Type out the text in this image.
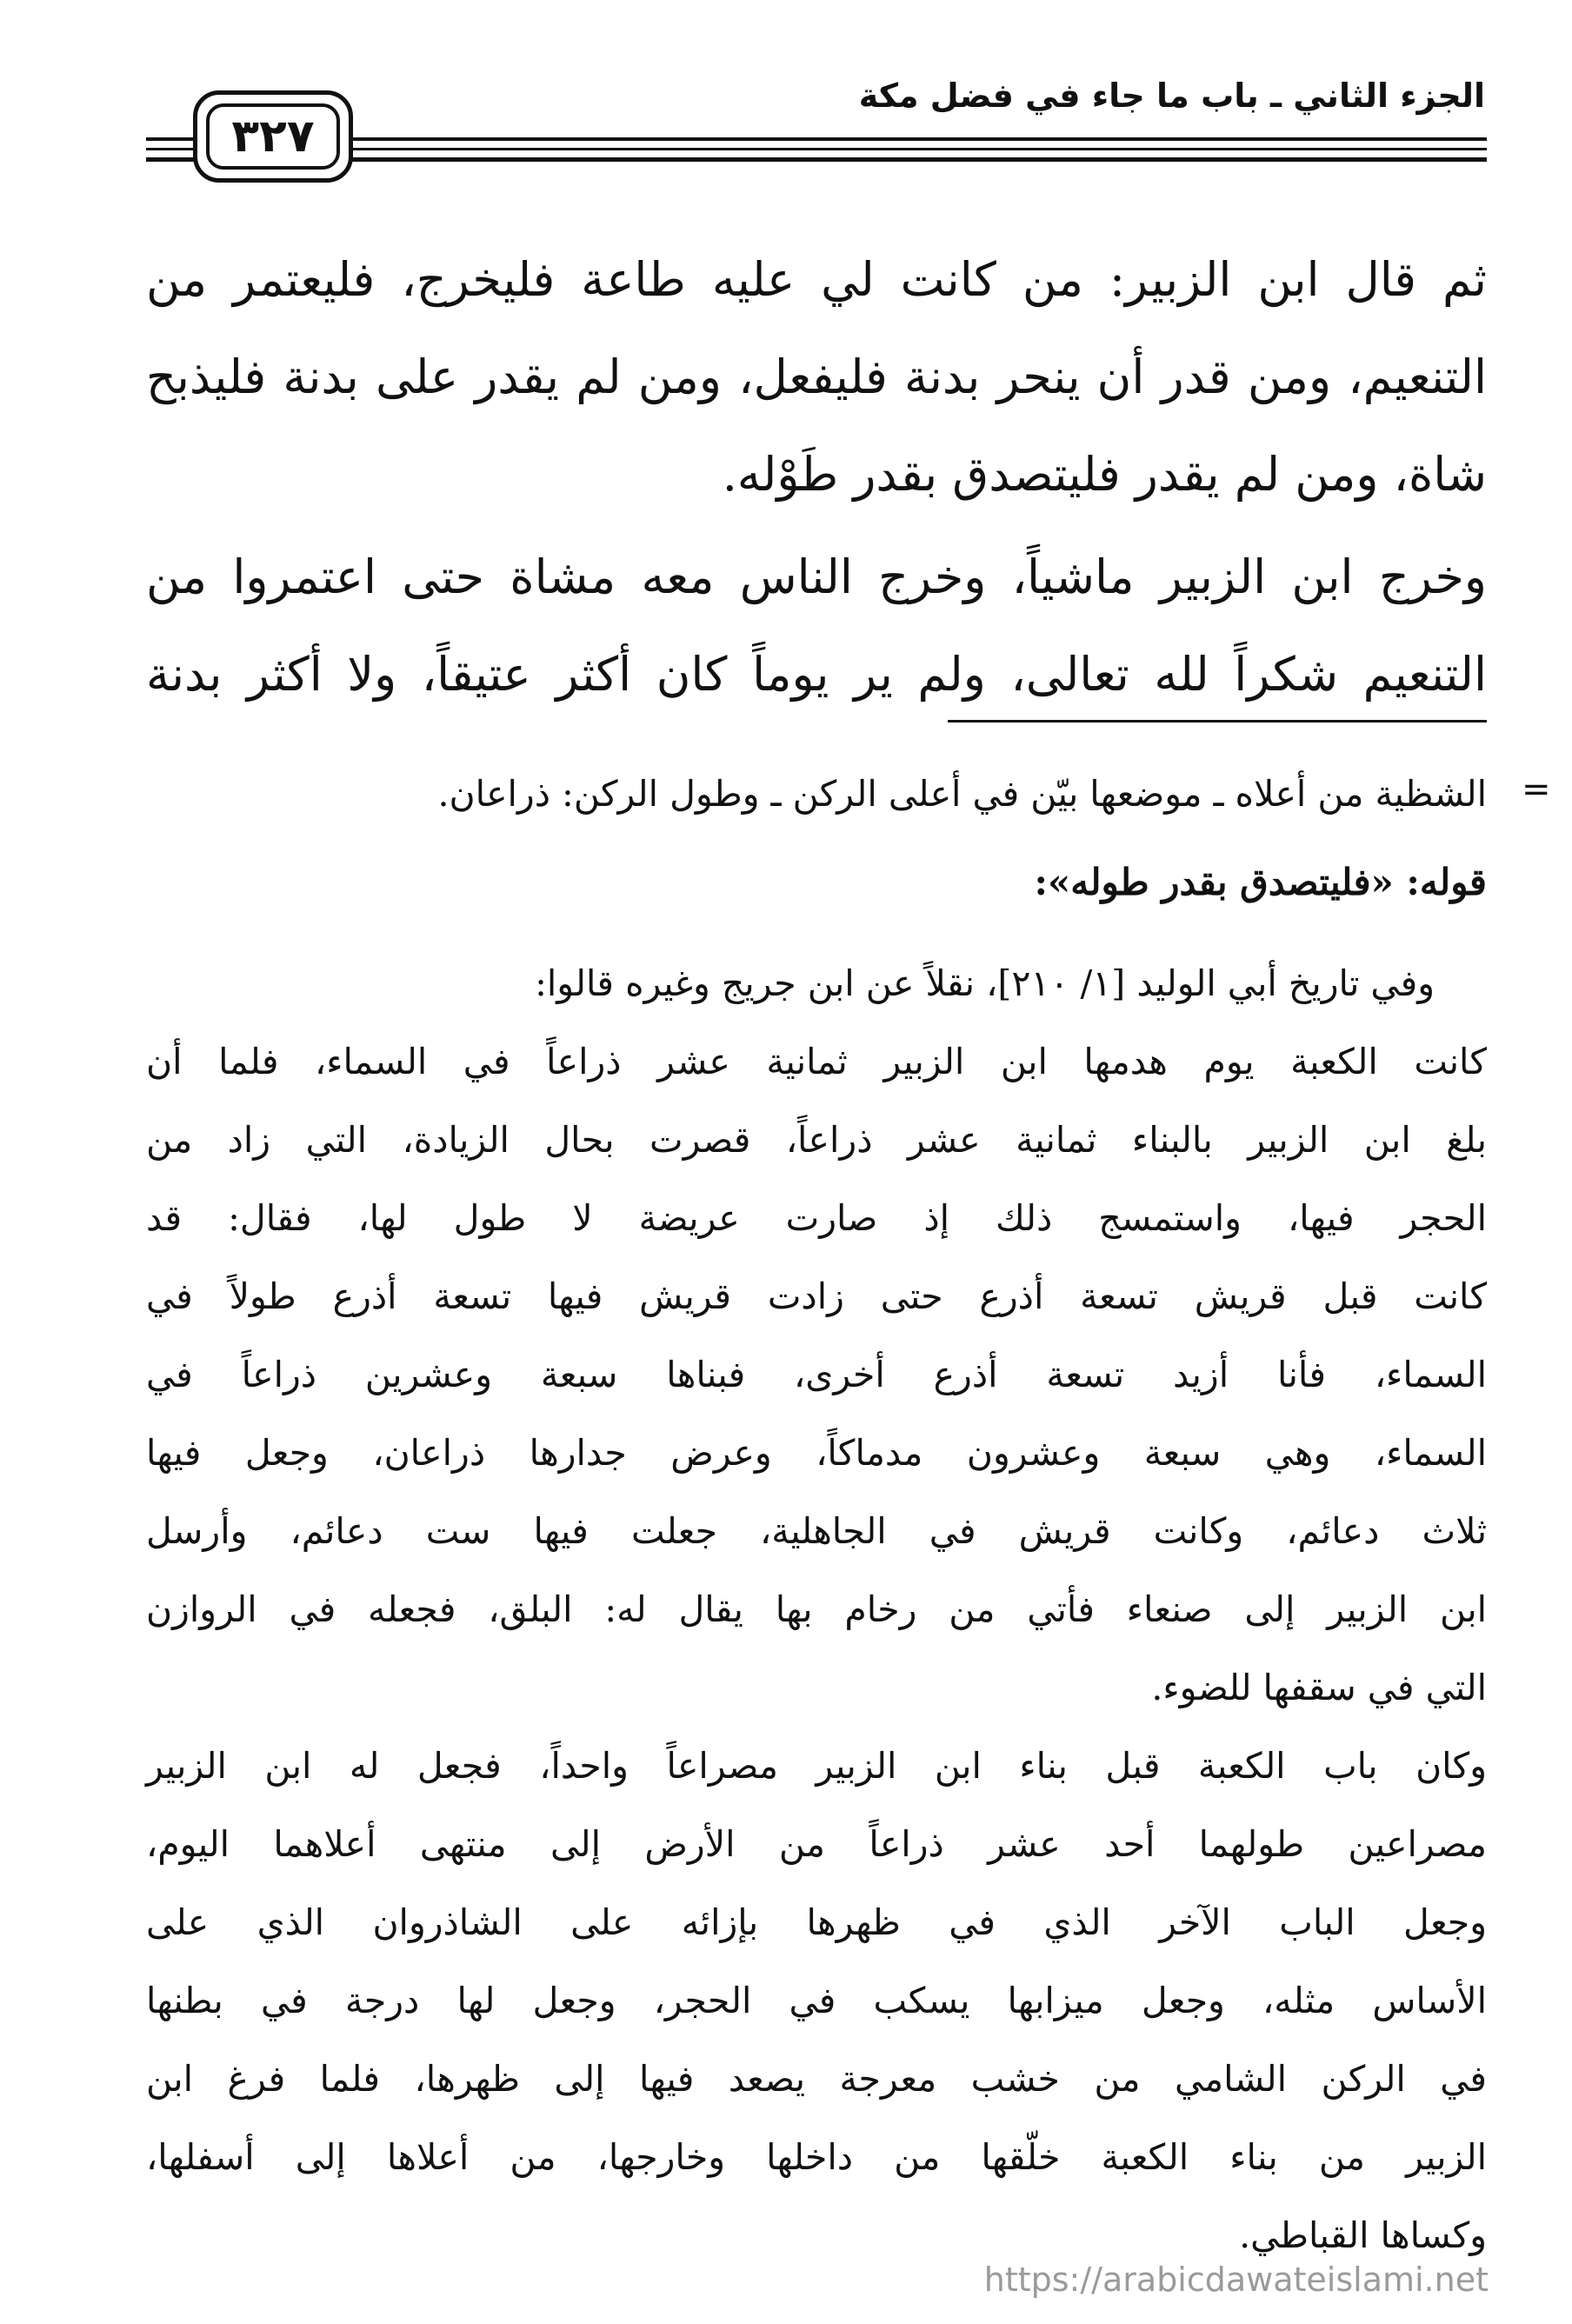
الجزء الثاني ـ باب ما جاء في فضل مكة
٣٢٧
ثم قال ابن الزبير: من كانت لي عليه طاعة فليخرج، فليعتمر من
التنعيم، ومن قدر أن ينحر بدنة فليفعل، ومن لم يقدر على بدنة فليذبح
شاة، ومن لم يقدر فليتصدق بقدر طَوْله.
وخرج ابن الزبير ماشياً، وخرج الناس معه مشاة حتى اعتمروا من
التنعيم شكراً لله تعالى، ولم ير يوماً كان أكثر عتيقاً، ولا أكثر بدنة
=
الشظية من أعلاه ـ موضعها بيّن في أعلى الركن ـ وطول الركن: ذراعان.
قوله: «فليتصدق بقدر طوله»:
وفي تاريخ أبي الوليد [١/ ٢١٠]، نقلاً عن ابن جريج وغيره قالوا:
كانت الكعبة يوم هدمها ابن الزبير ثمانية عشر ذراعاً في السماء، فلما أن
بلغ ابن الزبير بالبناء ثمانية عشر ذراعاً، قصرت بحال الزيادة، التي زاد من
الحجر فيها، واستمسج ذلك إذ صارت عريضة لا طول لها، فقال: قد
كانت قبل قريش تسعة أذرع حتى زادت قريش فيها تسعة أذرع طولاً في
السماء، فأنا أزيد تسعة أذرع أخرى، فبناها سبعة وعشرين ذراعاً في
السماء، وهي سبعة وعشرون مدماكاً، وعرض جدارها ذراعان، وجعل فيها
ثلاث دعائم، وكانت قريش في الجاهلية، جعلت فيها ست دعائم، وأرسل
ابن الزبير إلى صنعاء فأتي من رخام بها يقال له: البلق، فجعله في الروازن
التي في سقفها للضوء.
وكان باب الكعبة قبل بناء ابن الزبير مصراعاً واحداً، فجعل له ابن الزبير
مصراعين طولهما أحد عشر ذراعاً من الأرض إلى منتهى أعلاهما اليوم،
وجعل الباب الآخر الذي في ظهرها بإزائه على الشاذروان الذي على
الأساس مثله، وجعل ميزابها يسكب في الحجر، وجعل لها درجة في بطنها
في الركن الشامي من خشب معرجة يصعد فيها إلى ظهرها، فلما فرغ ابن
الزبير من بناء الكعبة خلّقها من داخلها وخارجها، من أعلاها إلى أسفلها،
وكساها القباطي.
https://arabicdawateislami.net
